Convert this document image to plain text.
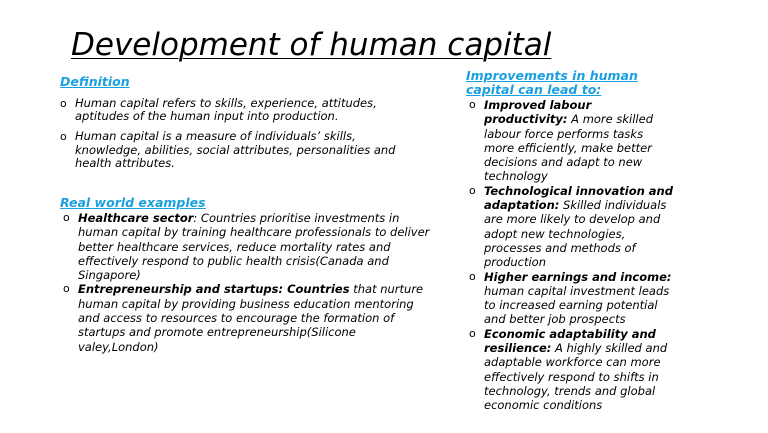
Development of human capital

Definition

o Human capital refers to skills, experience, attitudes, aptitudes of the human input into production.
o Human capital is a measure of individuals’ skills, knowledge, abilities, social attributes, personalities and health attributes.

Real world examples

o Healthcare sector: Countries prioritise investments in human capital by training healthcare professionals to deliver better healthcare services, reduce mortality rates and effectively respond to public health crisis(Canada and Singapore)
o Entrepreneurship and startups: Countries that nurture human capital by providing business education mentoring and access to resources to encourage the formation of startups and promote entrepreneurship(Silicone valey,London)

Improvements in human capital can lead to:

o Improved labour productivity: A more skilled labour force performs tasks more efficiently, make better decisions and adapt to new technology
o Technological innovation and adaptation: Skilled individuals are more likely to develop and adopt new technologies, processes and methods of production
o Higher earnings and income: human capital investment leads to increased earning potential and better job prospects
o Economic adaptability and resilience: A highly skilled and adaptable workforce can more effectively respond to shifts in technology, trends and global economic conditions
